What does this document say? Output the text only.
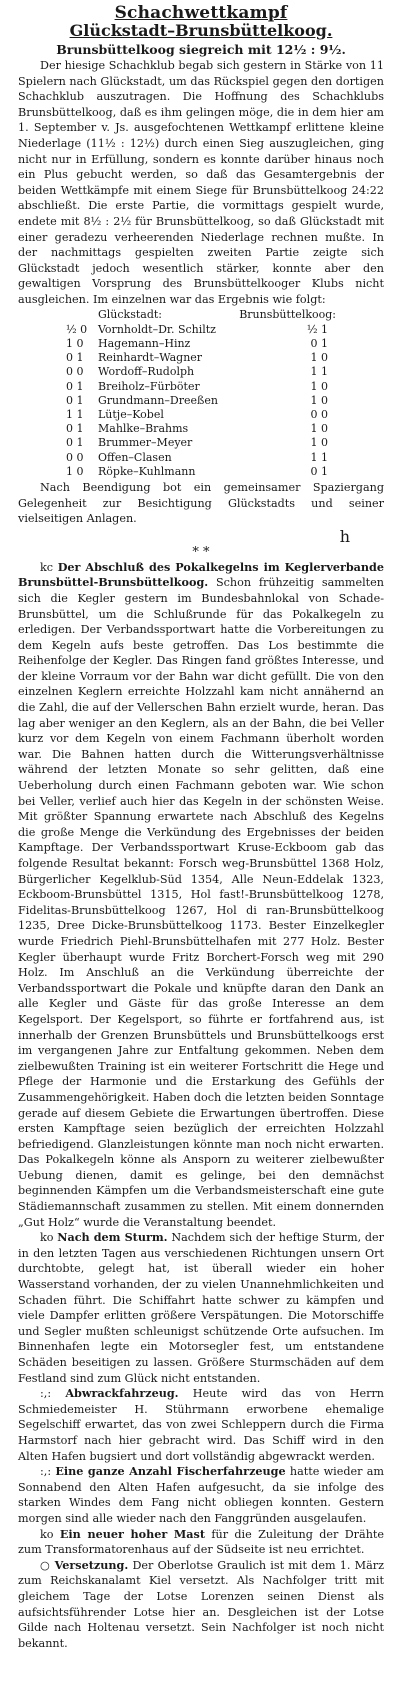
Schachwettkampf
Glückstadt–Brunsbüttelkoog.
Brunsbüttelkoog siegreich mit 12½ : 9½.

Der hiesige Schachklub begab sich gestern in Stärke von 11 Spielern nach Glückstadt, um das Rückspiel gegen den dortigen Schachklub auszutragen. Die Hoffnung des Schachklubs Brunsbüttelkoog, daß es ihm gelingen möge, die in dem hier am 1. September v. Js. ausgefochtenen Wettkampf erlittene kleine Niederlage (11½ : 12½) durch einen Sieg auszugleichen, ging nicht nur in Erfüllung, sondern es konnte darüber hinaus noch ein Plus gebucht werden, so daß das Gesamtergebnis der beiden Wettkämpfe mit einem Siege für Brunsbüttelkoog 24:22 abschließt. Die erste Partie, die vormittags gespielt wurde, endete mit 8½ : 2½ für Brunsbüttelkoog, so daß Glückstadt mit einer geradezu verheerenden Niederlage rechnen mußte. In der nachmittags gespielten zweiten Partie zeigte sich Glückstadt jedoch wesentlich stärker, konnte aber den gewaltigen Vorsprung des Brunsbüttelkooger Klubs nicht ausgleichen. Im einzelnen war das Ergebnis wie folgt:

	Glückstadt:	Brunsbüttelkoog:
½ 0	Vornholdt–Dr. Schiltz	½ 1
1 0	Hagemann–Hinz	0 1
0 1	Reinhardt–Wagner	1 0
0 0	Wordoff–Rudolph	1 1
0 1	Breiholz–Fürböter	1 0
0 1	Grundmann–Dreeßen	1 0
1 1	Lütje–Kobel	0 0
0 1	Mahlke–Brahms	1 0
0 1	Brummer–Meyer	1 0
0 0	Offen–Clasen	1 1
1 0	Röpke–Kuhlmann	0 1

Nach Beendigung bot ein gemeinsamer Spaziergang Gelegenheit zur Besichtigung Glückstadts und seiner vielseitigen Anlagen.

h
* *

kc Der Abschluß des Pokalkegelns im Keglerverbande Brunsbüttel-Brunsbüttelkoog. Schon frühzeitig sammelten sich die Kegler gestern im Bundesbahnlokal von Schade-Brunsbüttel, um die Schlußrunde für das Pokalkegeln zu erledigen. Der Verbandssportwart hatte die Vorbereitungen zu dem Kegeln aufs beste getroffen. Das Los bestimmte die Reihenfolge der Kegler. Das Ringen fand größtes Interesse, und der kleine Vorraum vor der Bahn war dicht gefüllt. Die von den einzelnen Keglern erreichte Holzzahl kam nicht annähernd an die Zahl, die auf der Vellerschen Bahn erzielt wurde, heran. Das lag aber weniger an den Keglern, als an der Bahn, die bei Veller kurz vor dem Kegeln von einem Fachmann überholt worden war. Die Bahnen hatten durch die Witterungsverhältnisse während der letzten Monate so sehr gelitten, daß eine Ueberholung durch einen Fachmann geboten war. Wie schon bei Veller, verlief auch hier das Kegeln in der schönsten Weise. Mit größter Spannung erwartete nach Abschluß des Kegelns die große Menge die Verkündung des Ergebnisses der beiden Kampftage. Der Verbandssportwart Kruse-Eckboom gab das folgende Resultat bekannt: Forsch weg-Brunsbüttel 1368 Holz, Bürgerlicher Kegelklub-Süd 1354, Alle Neun-Eddelak 1323, Eckboom-Brunsbüttel 1315, Hol fast!-Brunsbüttelkoog 1278, Fidelitas-Brunsbüttelkoog 1267, Hol di ran-Brunsbüttelkoog 1235, Dree Dicke-Brunsbüttelkoog 1173. Bester Einzelkegler wurde Friedrich Piehl-Brunsbüttelhafen mit 277 Holz. Bester Kegler überhaupt wurde Fritz Borchert-Forsch weg mit 290 Holz. Im Anschluß an die Verkündung überreichte der Verbandssportwart die Pokale und knüpfte daran den Dank an alle Kegler und Gäste für das große Interesse an dem Kegelsport. Der Kegelsport, so führte er fortfahrend aus, ist innerhalb der Grenzen Brunsbüttels und Brunsbüttelkoogs erst im vergangenen Jahre zur Entfaltung gekommen. Neben dem zielbewußten Training ist ein weiterer Fortschritt die Hege und Pflege der Harmonie und die Erstarkung des Gefühls der Zusammengehörigkeit. Haben doch die letzten beiden Sonntage gerade auf diesem Gebiete die Erwartungen übertroffen. Diese ersten Kampftage seien bezüglich der erreichten Holzzahl befriedigend. Glanzleistungen könnte man noch nicht erwarten. Das Pokalkegeln könne als Ansporn zu weiterer zielbewußter Uebung dienen, damit es gelinge, bei den demnächst beginnenden Kämpfen um die Verbandsmeisterschaft eine gute Städiemannschaft zusammen zu stellen. Mit einem donnernden „Gut Holz“ wurde die Veranstaltung beendet.

ko Nach dem Sturm. Nachdem sich der heftige Sturm, der in den letzten Tagen aus verschiedenen Richtungen unsern Ort durchtobte, gelegt hat, ist überall wieder ein hoher Wasserstand vorhanden, der zu vielen Unannehmlichkeiten und Schaden führt. Die Schiffahrt hatte schwer zu kämpfen und viele Dampfer erlitten größere Verspätungen. Die Motorschiffe und Segler mußten schleunigst schützende Orte aufsuchen. Im Binnenhafen legte ein Motorsegler fest, um entstandene Schäden beseitigen zu lassen. Größere Sturmschäden auf dem Festland sind zum Glück nicht entstanden.

:,: Abwrackfahrzeug. Heute wird das von Herrn Schmiedemeister H. Stührmann erworbene ehemalige Segelschiff erwartet, das von zwei Schleppern durch die Firma Harmstorf nach hier gebracht wird. Das Schiff wird in den Alten Hafen bugsiert und dort vollständig abgewrackt werden.

:,: Eine ganze Anzahl Fischerfahrzeuge hatte wieder am Sonnabend den Alten Hafen aufgesucht, da sie infolge des starken Windes dem Fang nicht obliegen konnten. Gestern morgen sind alle wieder nach den Fanggründen ausgelaufen.

ko Ein neuer hoher Mast für die Zuleitung der Drähte zum Transformatorenhaus auf der Südseite ist neu errichtet.

○ Versetzung. Der Oberlotse Graulich ist mit dem 1. März zum Reichskanalamt Kiel versetzt. Als Nachfolger tritt mit gleichem Tage der Lotse Lorenzen seinen Dienst als aufsichtsführender Lotse hier an. Desgleichen ist der Lotse Gilde nach Holtenau versetzt. Sein Nachfolger ist noch nicht bekannt.
